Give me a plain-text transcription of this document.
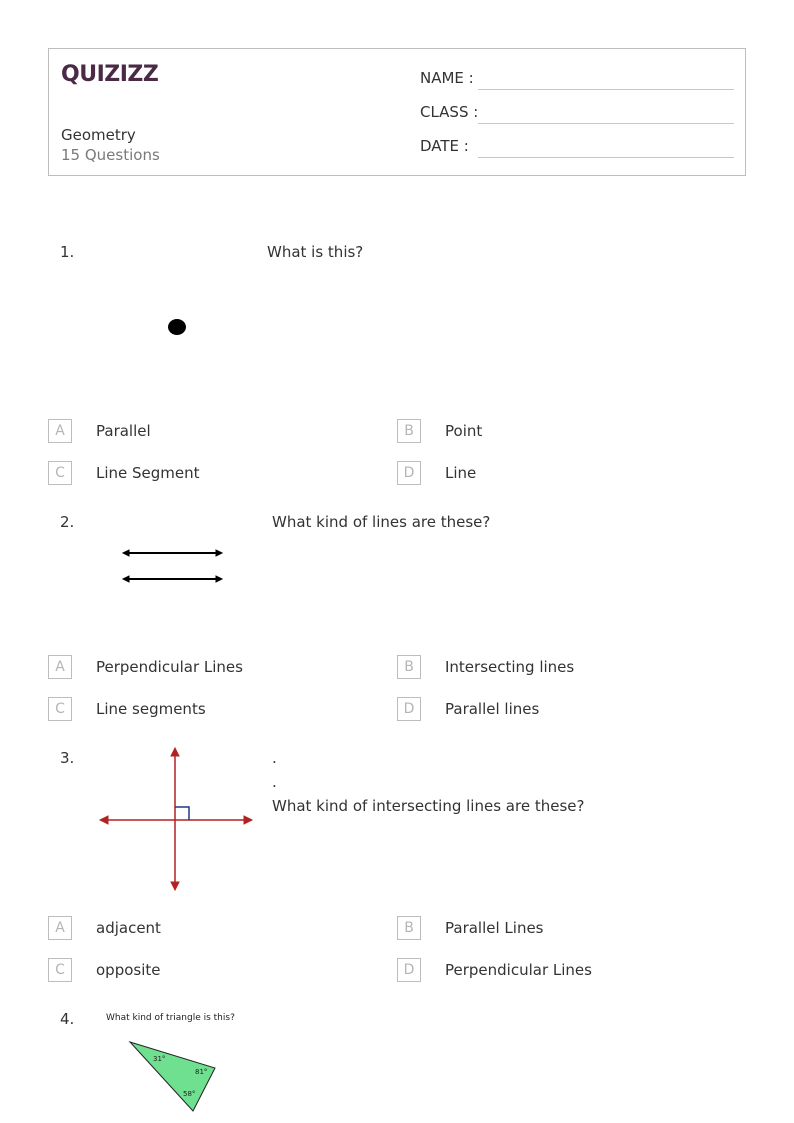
QUIZIZZ
Geometry
15 Questions
NAME :
CLASS :
DATE :
1.	What is this?
A	Parallel	B	Point
C	Line Segment	D	Line
2.	What kind of lines are these?
A	Perpendicular Lines	B	Intersecting lines
C	Line segments	D	Parallel lines
3.	.
.
What kind of intersecting lines are these?
A	adjacent	B	Parallel Lines
C	opposite	D	Perpendicular Lines
4.	What kind of triangle is this?
31°
81°
58°
